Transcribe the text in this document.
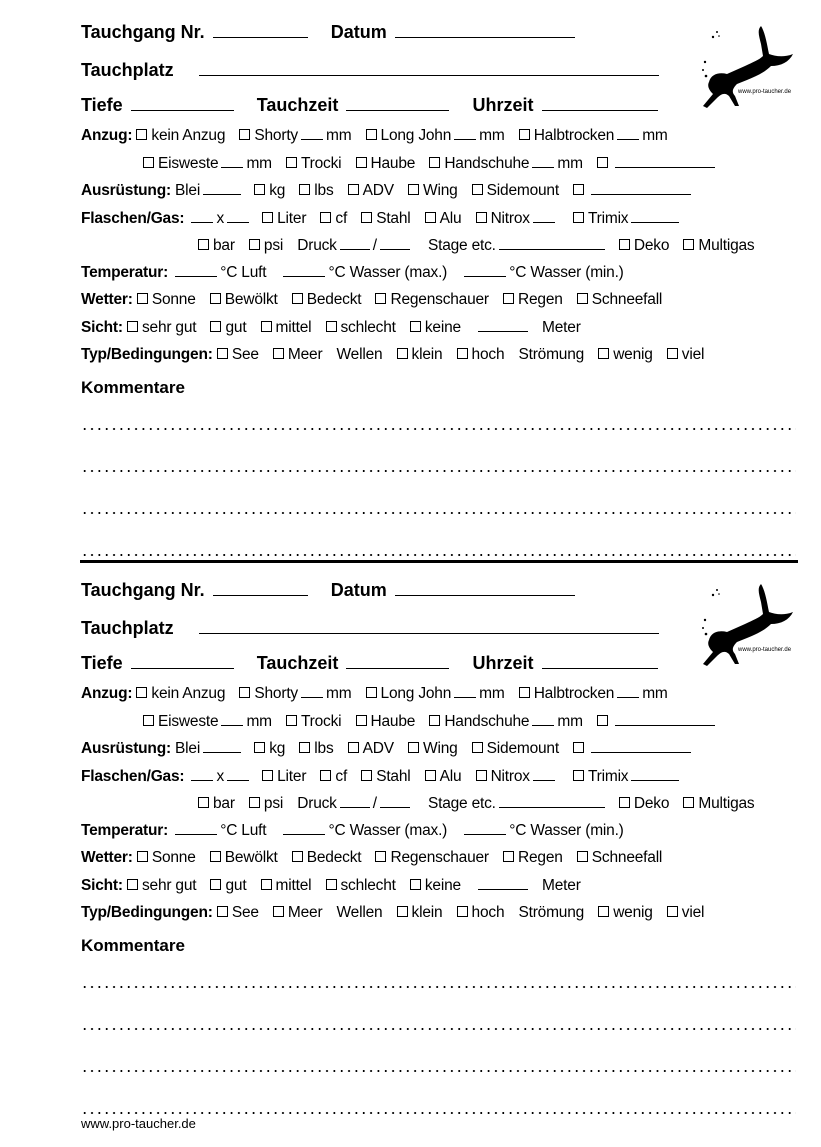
Tauchgang Nr.	Datum
Tauchplatz
Tiefe	Tauchzeit	Uhrzeit
www.pro-taucher.de
Anzug: kein Anzug Shorty mm Long John mm Halbtrocken mm
Eisweste mm Trocki Haube Handschuhe mm
Ausrüstung: Blei	kg lbs ADV Wing Sidemount
Flaschen/Gas: x	Liter cf Stahl Alu Nitrox	Trimix
bar psi Druck /	Stage etc.	Deko Multigas
Temperatur:	°C Luft	°C Wasser (max.)	°C Wasser (min.)
Wetter: Sonne Bewölkt Bedeckt Regenschauer Regen Schneefall
Sicht: sehr gut gut mittel schlecht keine	Meter
Typ/Bedingungen: See Meer Wellen klein hoch Strömung wenig viel
Kommentare
Tauchgang Nr.	Datum
Tauchplatz
Tiefe	Tauchzeit	Uhrzeit
www.pro-taucher.de
Anzug: kein Anzug Shorty mm Long John mm Halbtrocken mm
Eisweste mm Trocki Haube Handschuhe mm
Ausrüstung: Blei	kg lbs ADV Wing Sidemount
Flaschen/Gas: x	Liter cf Stahl Alu Nitrox	Trimix
bar psi Druck /	Stage etc.	Deko Multigas
Temperatur:	°C Luft	°C Wasser (max.)	°C Wasser (min.)
Wetter: Sonne Bewölkt Bedeckt Regenschauer Regen Schneefall
Sicht: sehr gut gut mittel schlecht keine	Meter
Typ/Bedingungen: See Meer Wellen klein hoch Strömung wenig viel
Kommentare
www.pro-taucher.de
